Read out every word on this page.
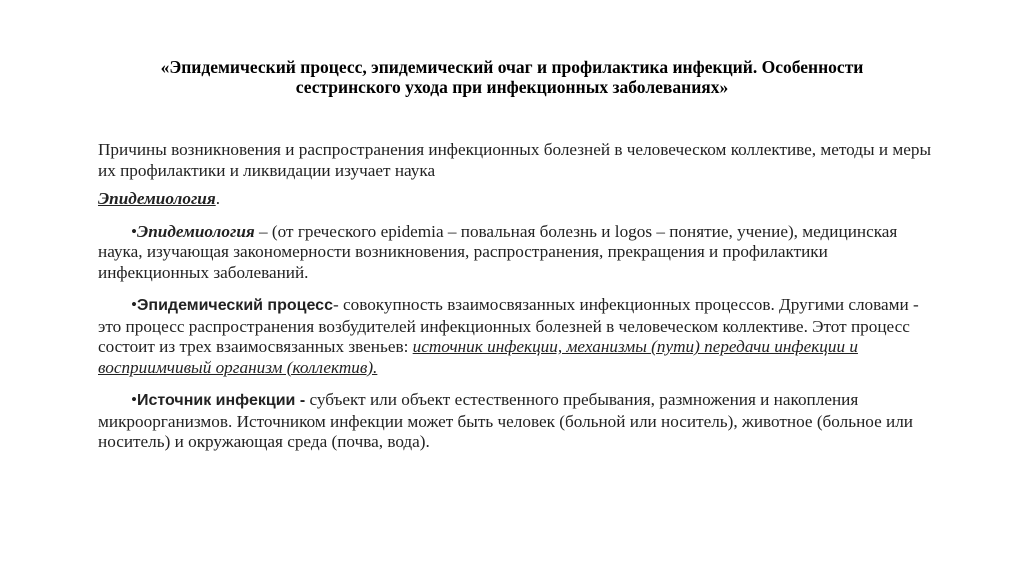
«Эпидемический процесс, эпидемический очаг и профилактика инфекций. Особенности
сестринского ухода при инфекционных заболеваниях»

Причины возникновения и распространения инфекционных болезней в человеческом коллективе, методы и меры их профилактики и ликвидации изучает наука

Эпидемиология.

•Эпидемиология – (от греческого epidemia – повальная болезнь и logos – понятие, учение), медицинская наука, изучающая закономерности возникновения, распространения, прекращения и профилактики инфекционных заболеваний.

•Эпидемический процесс- совокупность взаимосвязанных инфекционных процессов. Другими словами - это процесс распространения возбудителей инфекционных болезней в человеческом коллективе. Этот процесс состоит из трех взаимосвязанных звеньев: источник инфекции, механизмы (пути) передачи инфекции и восприимчивый организм (коллектив).

•Источник инфекции - субъект или объект естественного пребывания, размножения и накопления микроорганизмов. Источником инфекции может быть человек (больной или носитель), животное (больное или носитель) и окружающая среда (почва, вода).
